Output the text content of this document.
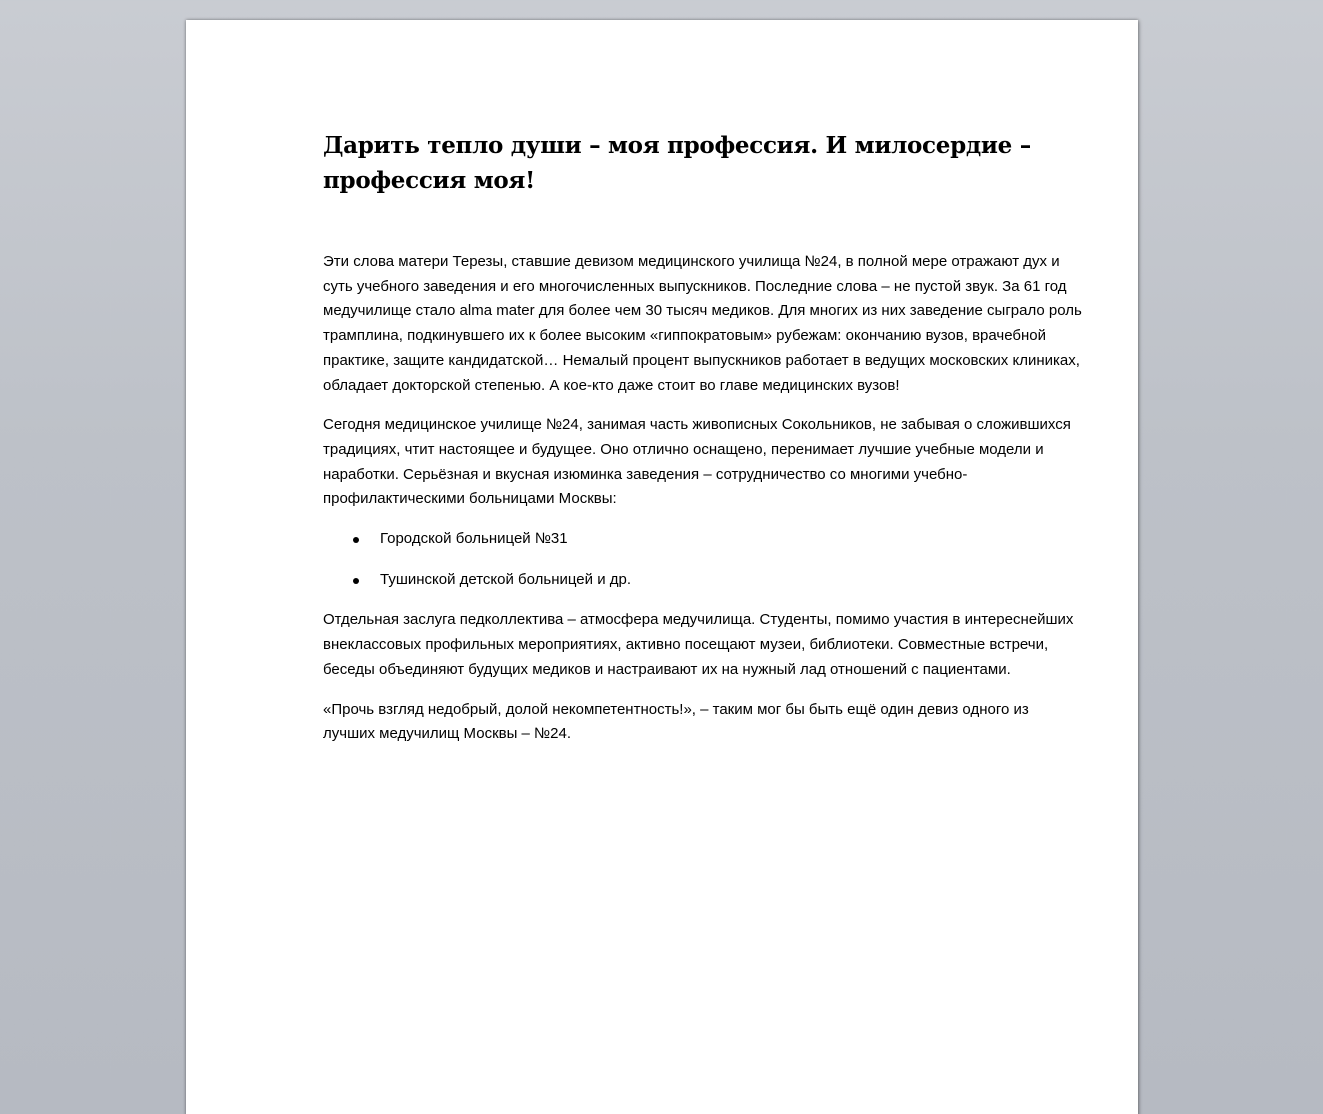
Дарить тепло души – моя профессия. И милосердие – профессия моя!

Эти слова матери Терезы, ставшие девизом медицинского училища №24, в полной мере отражают дух и суть учебного заведения и его многочисленных выпускников. Последние слова – не пустой звук. За 61 год медучилище стало alma mater для более чем 30 тысяч медиков. Для многих из них заведение сыграло роль трамплина, подкинувшего их к более высоким «гиппократовым» рубежам: окончанию вузов, врачебной практике, защите кандидатской… Немалый процент выпускников работает в ведущих московских клиниках, обладает докторской степенью. А кое-кто даже стоит во главе медицинских вузов!

Сегодня медицинское училище №24, занимая часть живописных Сокольников, не забывая о сложившихся традициях, чтит настоящее и будущее. Оно отлично оснащено, перенимает лучшие учебные модели и наработки. Серьёзная и вкусная изюминка заведения – сотрудничество со многими учебно-профилактическими больницами Москвы:

Городской больницей №31
Тушинской детской больницей и др.

Отдельная заслуга педколлектива – атмосфера медучилища. Студенты, помимо участия в интереснейших внеклассовых профильных мероприятиях, активно посещают музеи, библиотеки. Совместные встречи, беседы объединяют будущих медиков и настраивают их на нужный лад отношений с пациентами.

«Прочь взгляд недобрый, долой некомпетентность!», – таким мог бы быть ещё один девиз одного из лучших медучилищ Москвы – №24.
